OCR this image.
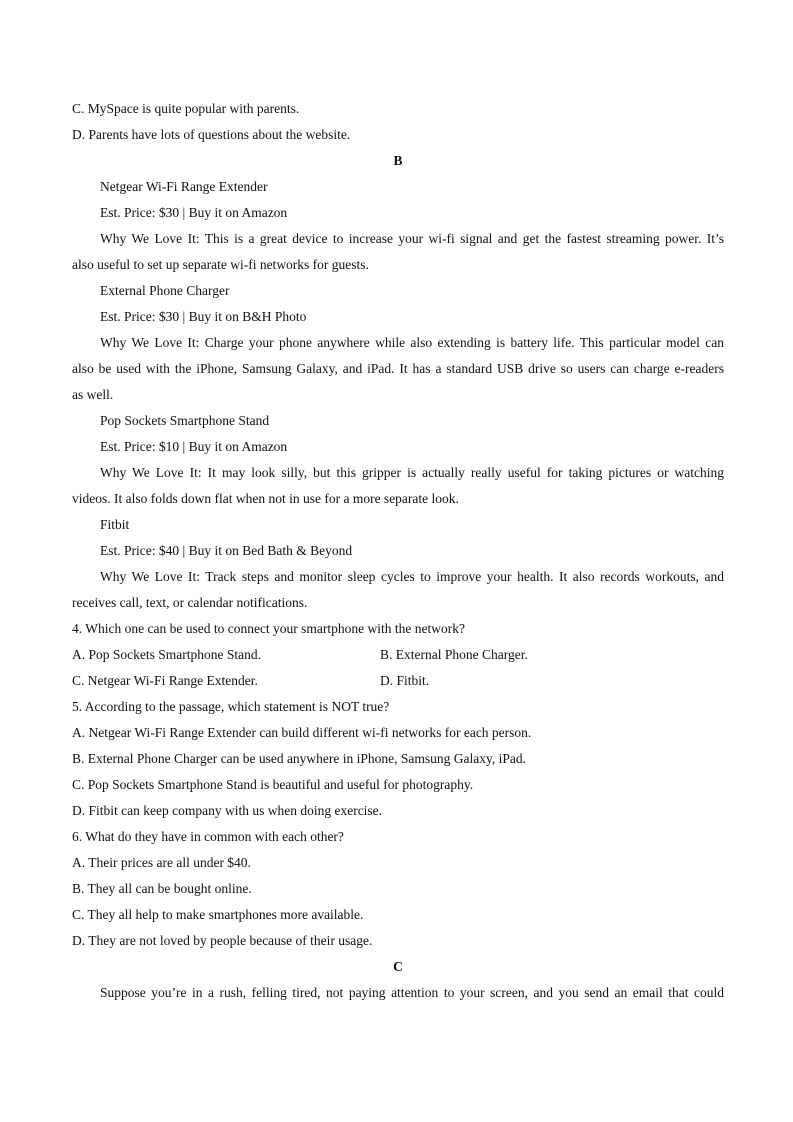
C. MySpace is quite popular with parents.
D. Parents have lots of questions about the website.
B
Netgear Wi-Fi Range Extender
Est. Price: $30 | Buy it on Amazon
Why We Love It: This is a great device to increase your wi-fi signal and get the fastest streaming power. It’s
also useful to set up separate wi-fi networks for guests.
External Phone Charger
Est. Price: $30 | Buy it on B&H Photo
Why We Love It: Charge your phone anywhere while also extending is battery life. This particular model can
also be used with the iPhone, Samsung Galaxy, and iPad. It has a standard USB drive so users can charge e-readers
as well.
Pop Sockets Smartphone Stand
Est. Price: $10 | Buy it on Amazon
Why We Love It: It may look silly, but this gripper is actually really useful for taking pictures or watching
videos. It also folds down flat when not in use for a more separate look.
Fitbit
Est. Price: $40 | Buy it on Bed Bath & Beyond
Why We Love It: Track steps and monitor sleep cycles to improve your health. It also records workouts, and
receives call, text, or calendar notifications.
4. Which one can be used to connect your smartphone with the network?
A. Pop Sockets Smartphone Stand.	B. External Phone Charger.
C. Netgear Wi-Fi Range Extender.	D. Fitbit.
5. According to the passage, which statement is NOT true?
A. Netgear Wi-Fi Range Extender can build different wi-fi networks for each person.
B. External Phone Charger can be used anywhere in iPhone, Samsung Galaxy, iPad.
C. Pop Sockets Smartphone Stand is beautiful and useful for photography.
D. Fitbit can keep company with us when doing exercise.
6. What do they have in common with each other?
A. Their prices are all under $40.
B. They all can be bought online.
C. They all help to make smartphones more available.
D. They are not loved by people because of their usage.
C
Suppose you’re in a rush, felling tired, not paying attention to your screen, and you send an email that could
